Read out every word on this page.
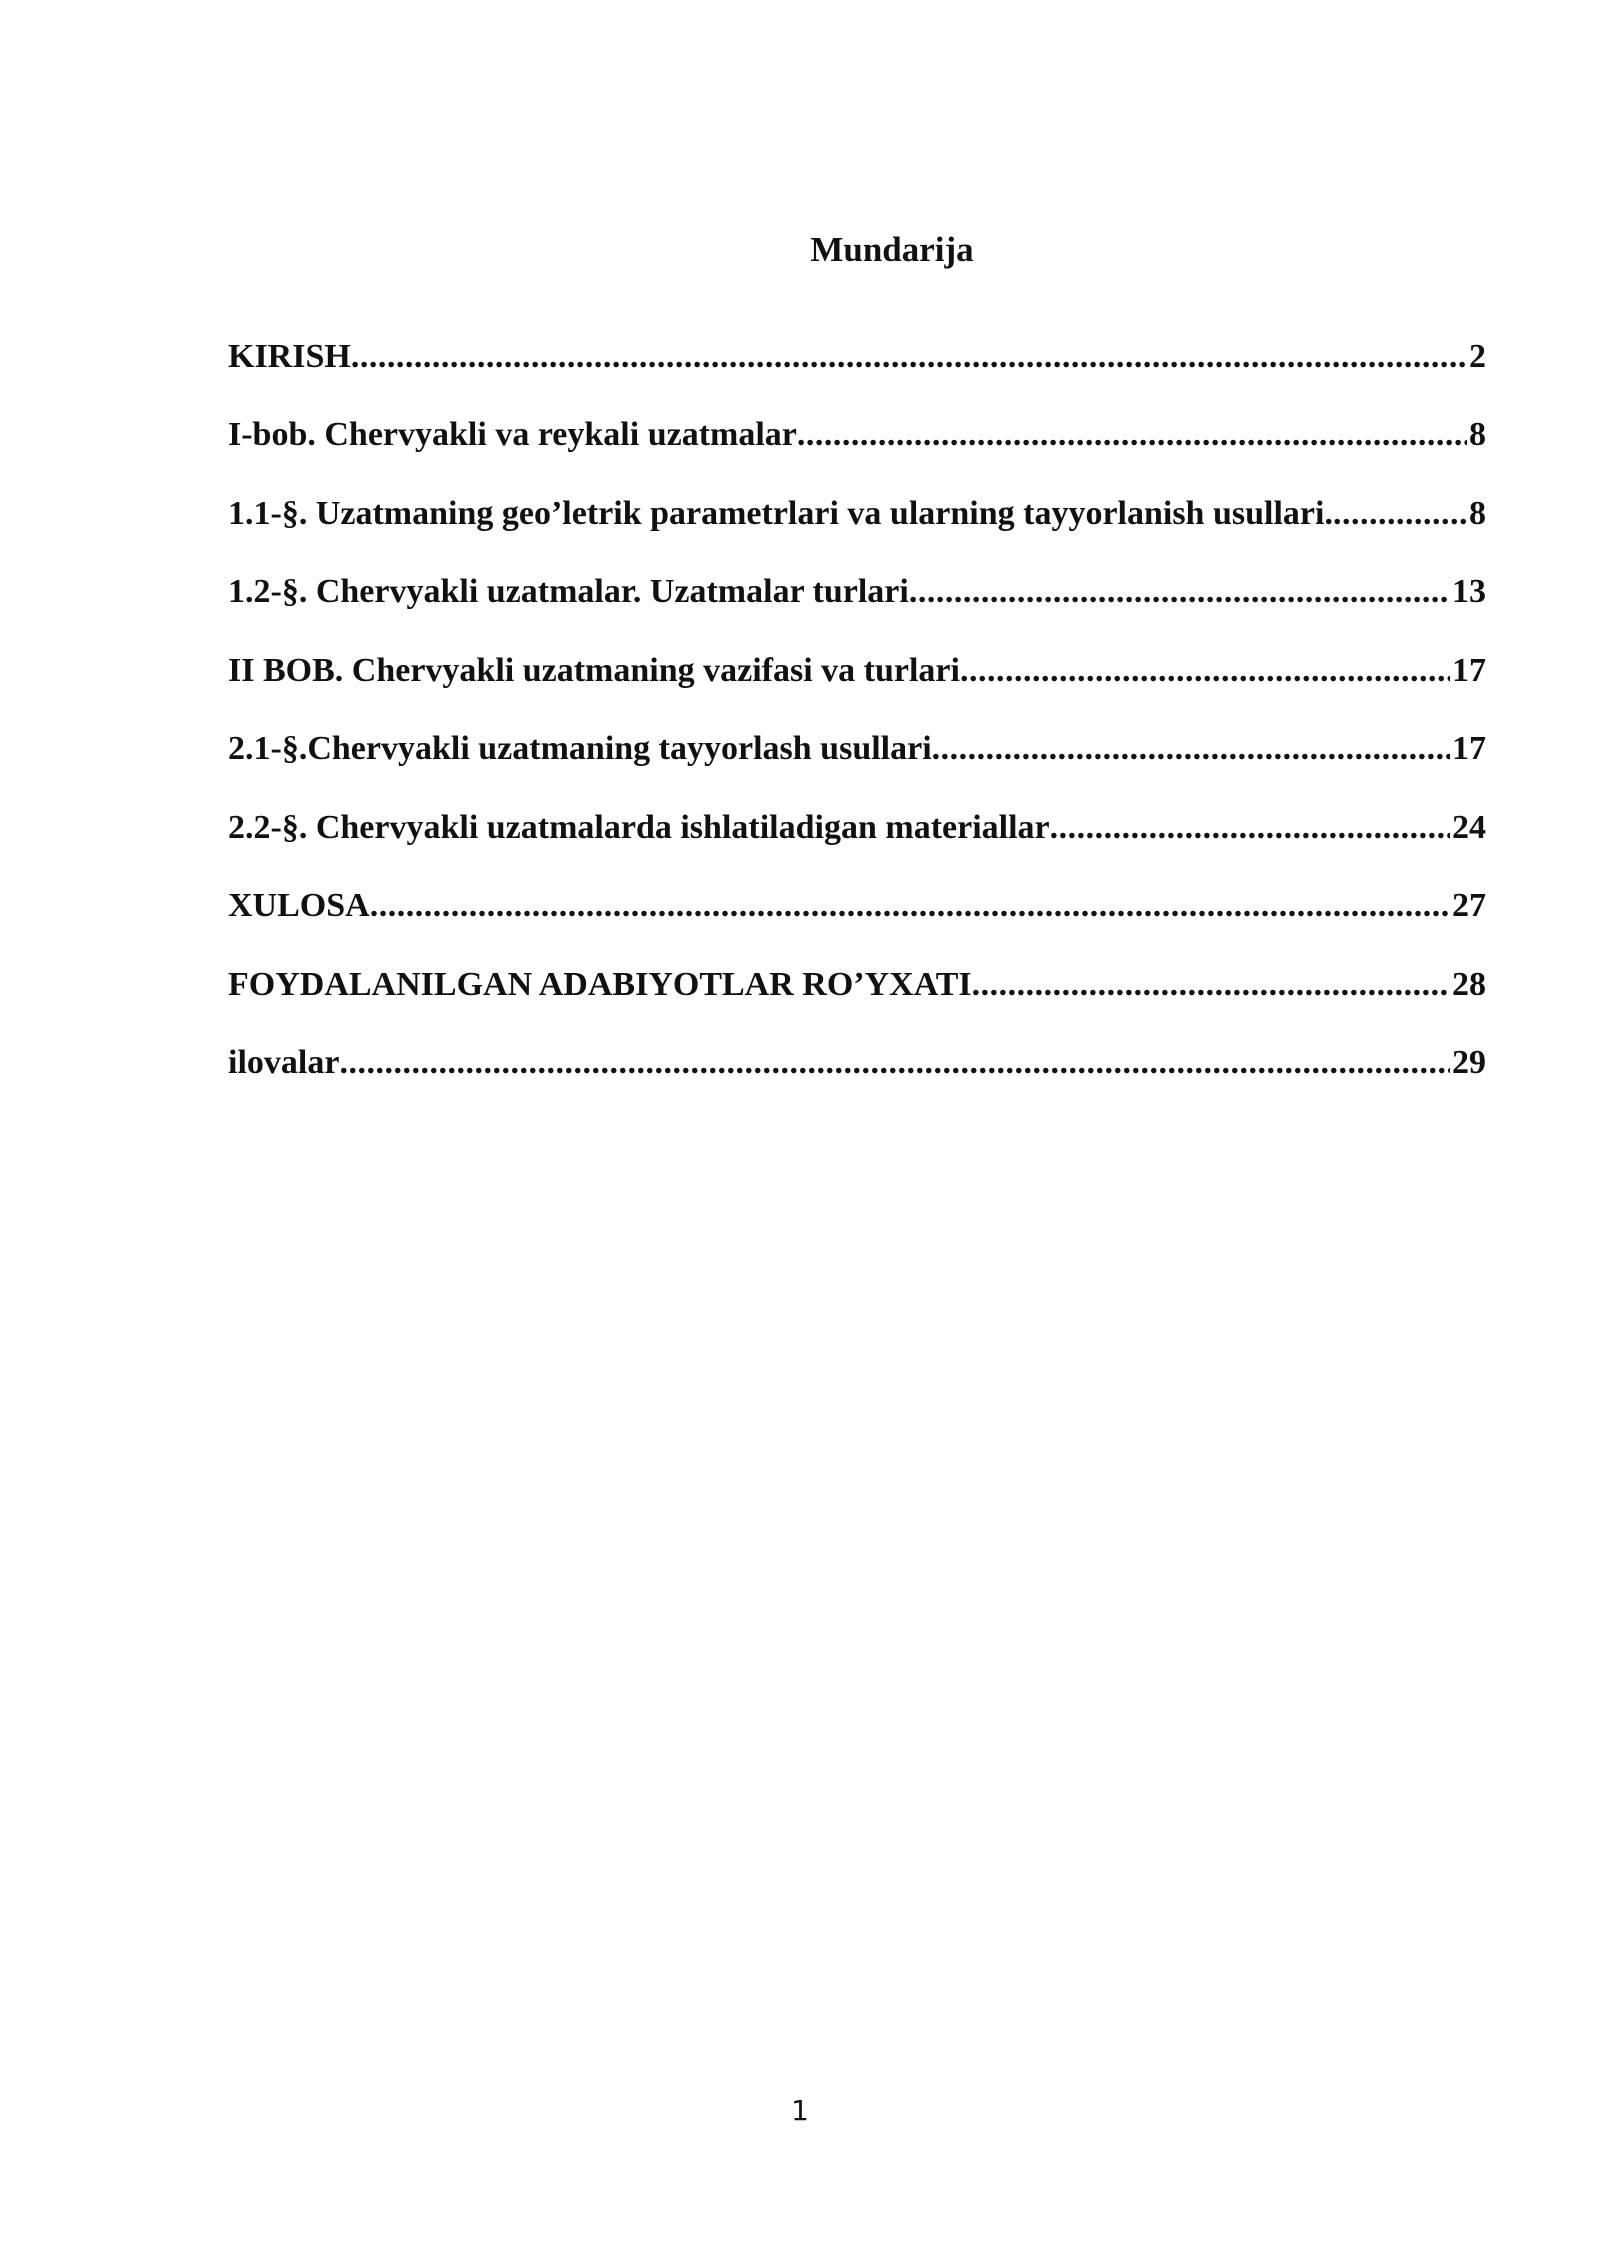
Mundarija
KIRISH .....	2
I-bob. Chervyakli va reykali uzatmalar .....	8
1.1-§. Uzatmaning geo’letrik parametrlari va ularning tayyorlanish usullari. .....	8
1.2-§. Chervyakli uzatmalar. Uzatmalar turlari .....	13
II BOB. Chervyakli uzatmaning vazifasi va turlari .....	17
2.1-§.Chervyakli uzatmaning tayyorlash usullari .....	17
2.2-§. Chervyakli uzatmalarda ishlatiladigan materiallar .....	24
XULOSA .....	27
FOYDALANILGAN ADABIYOTLAR RO’YXATI .....	28
ilovalar .....	29
1
